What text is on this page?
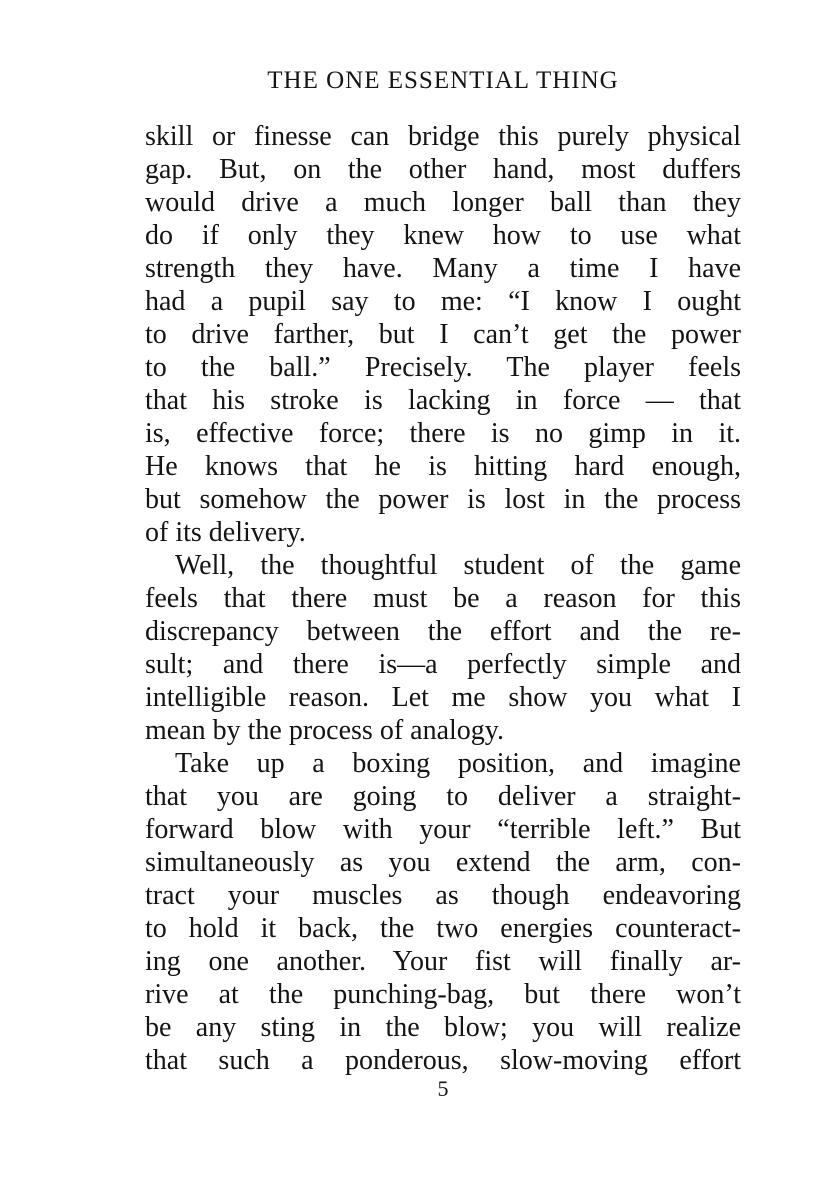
THE ONE ESSENTIAL THING
skill or finesse can bridge this purely physical
gap. But, on the other hand, most duffers
would drive a much longer ball than they
do if only they knew how to use what
strength they have. Many a time I have
had a pupil say to me: “I know I ought
to drive farther, but I can’t get the power
to the ball.” Precisely. The player feels
that his stroke is lacking in force — that
is, effective force; there is no gimp in it.
He knows that he is hitting hard enough,
but somehow the power is lost in the process
of its delivery.
Well, the thoughtful student of the game
feels that there must be a reason for this
discrepancy between the effort and the re-
sult; and there is—a perfectly simple and
intelligible reason. Let me show you what I
mean by the process of analogy.
Take up a boxing position, and imagine
that you are going to deliver a straight-
forward blow with your “terrible left.” But
simultaneously as you extend the arm, con-
tract your muscles as though endeavoring
to hold it back, the two energies counteract-
ing one another. Your fist will finally ar-
rive at the punching-bag, but there won’t
be any sting in the blow; you will realize
that such a ponderous, slow-moving effort
5
